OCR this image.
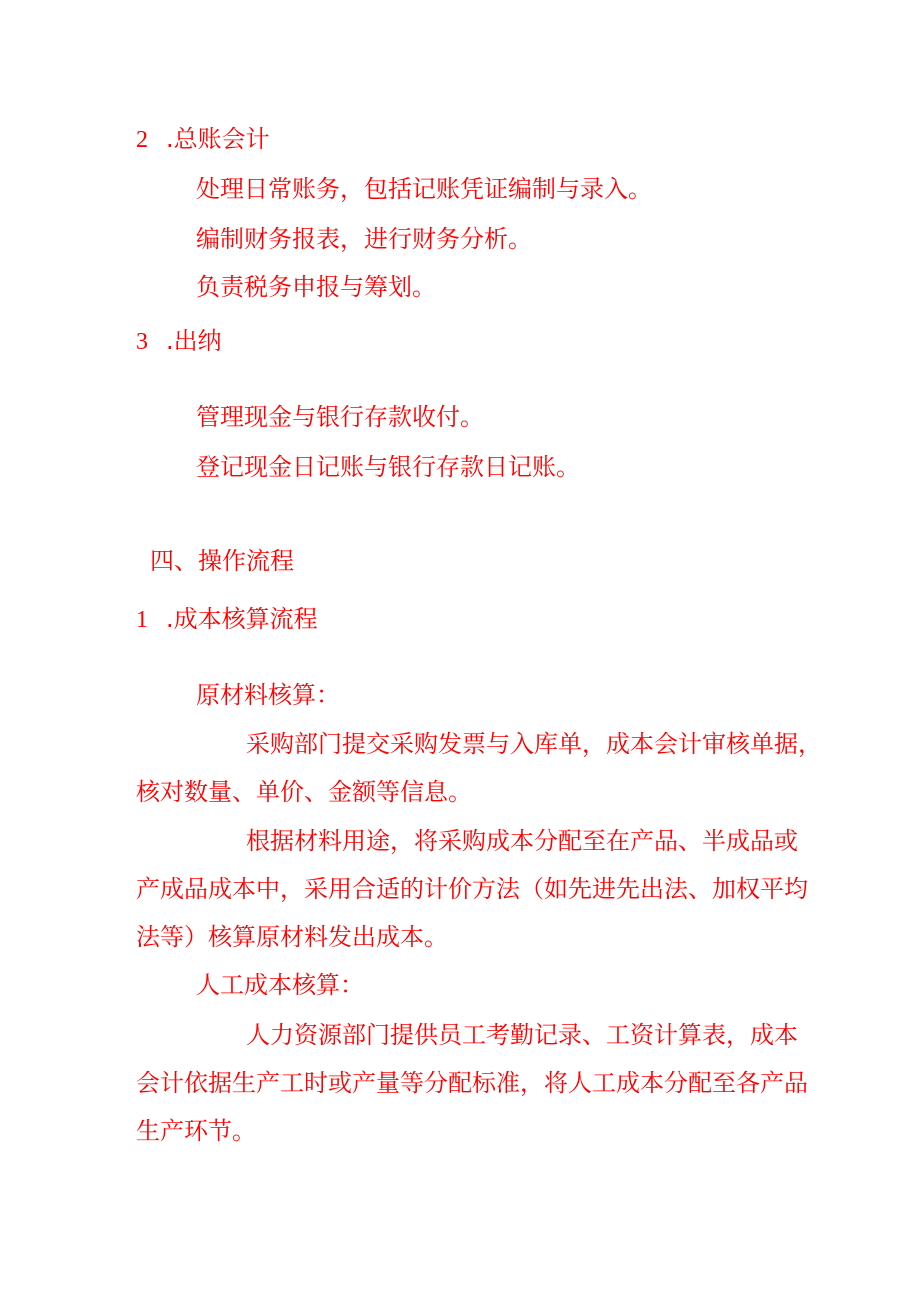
2 .总账会计
处理日常账务，包括记账凭证编制与录入。
编制财务报表，进行财务分析。
负责税务申报与筹划。
3 .出纳
管理现金与银行存款收付。
登记现金日记账与银行存款日记账。
四、操作流程
1 .成本核算流程
原材料核算：
采购部门提交采购发票与入库单，成本会计审核单据，
核对数量、单价、金额等信息。
根据材料用途，将采购成本分配至在产品、半成品或
产成品成本中，采用合适的计价方法（如先进先出法、加权平均
法等）核算原材料发出成本。
人工成本核算：
人力资源部门提供员工考勤记录、工资计算表，成本
会计依据生产工时或产量等分配标准，将人工成本分配至各产品
生产环节。
